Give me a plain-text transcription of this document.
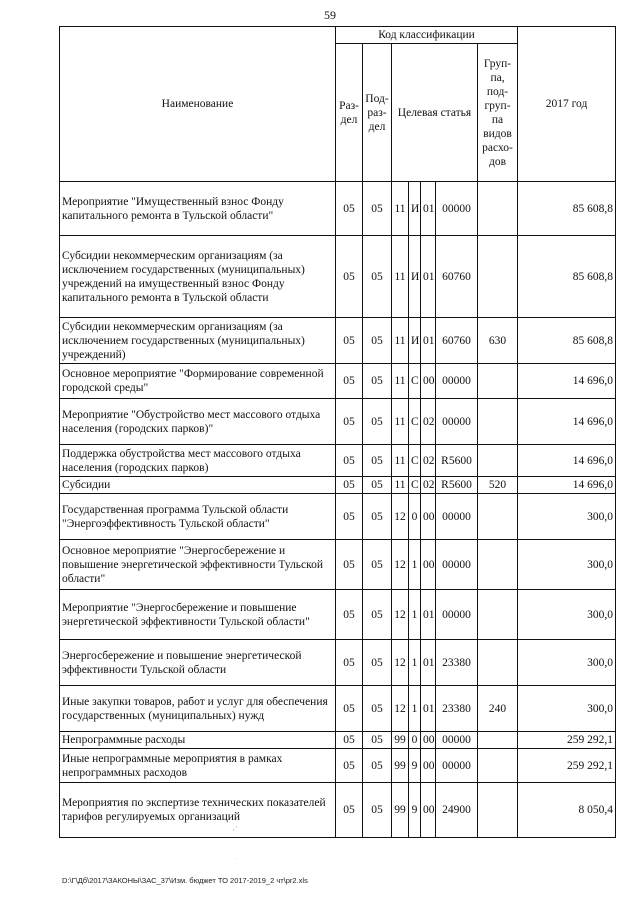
59
Наименование	Код классификации							2017 год
	Раз-дел	Под-раз-дел	Целевая статья				Груп-па, под-груп-па видов расхо-дов	

Мероприятие "Имущественный взнос Фонду капитального ремонта в Тульской области"	05	05	11	И	01	00000		85 608,8
Субсидии некоммерческим организациям (за исключением государственных (муниципальных) учреждений на имущественный взнос Фонду капитального ремонта в Тульской области	05	05	11	И	01	60760		85 608,8
Субсидии некоммерческим организациям (за исключением государственных (муниципальных) учреждений)	05	05	11	И	01	60760	630	85 608,8
Основное мероприятие "Формирование современной городской среды"	05	05	11	С	00	00000		14 696,0
Мероприятие "Обустройство мест массового отдыха населения (городских парков)"	05	05	11	С	02	00000		14 696,0
Поддержка обустройства мест массового отдыха населения (городских парков)	05	05	11	С	02	R5600		14 696,0
Субсидии	05	05	11	С	02	R5600	520	14 696,0
Государственная программа Тульской области "Энергоэффективность Тульской области"	05	05	12	0	00	00000		300,0
Основное мероприятие "Энергосбережение и повышение энергетической эффективности Тульской области"	05	05	12	1	00	00000		300,0
Мероприятие "Энергосбережение и повышение энергетической эффективности Тульской области"	05	05	12	1	01	00000		300,0
Энергосбережение и повышение энергетической эффективности Тульской области	05	05	12	1	01	23380		300,0
Иные закупки товаров, работ и услуг для обеспечения государственных (муниципальных) нужд	05	05	12	1	01	23380	240	300,0
Непрограммные расходы	05	05	99	0	00	00000		259 292,1
Иные непрограммные мероприятия в рамках непрограммных расходов	05	05	99	9	00	00000		259 292,1
Мероприятия по экспертизе технических показателей тарифов регулируемых организаций	05	05	99	9	00	24900		8 050,4
·´
˙
D:\Г\Дб\2017\ЗАКОНЫ\ЗАС_37\Изм. бюджет ТО 2017-2019_2 чт\pr2.xls
